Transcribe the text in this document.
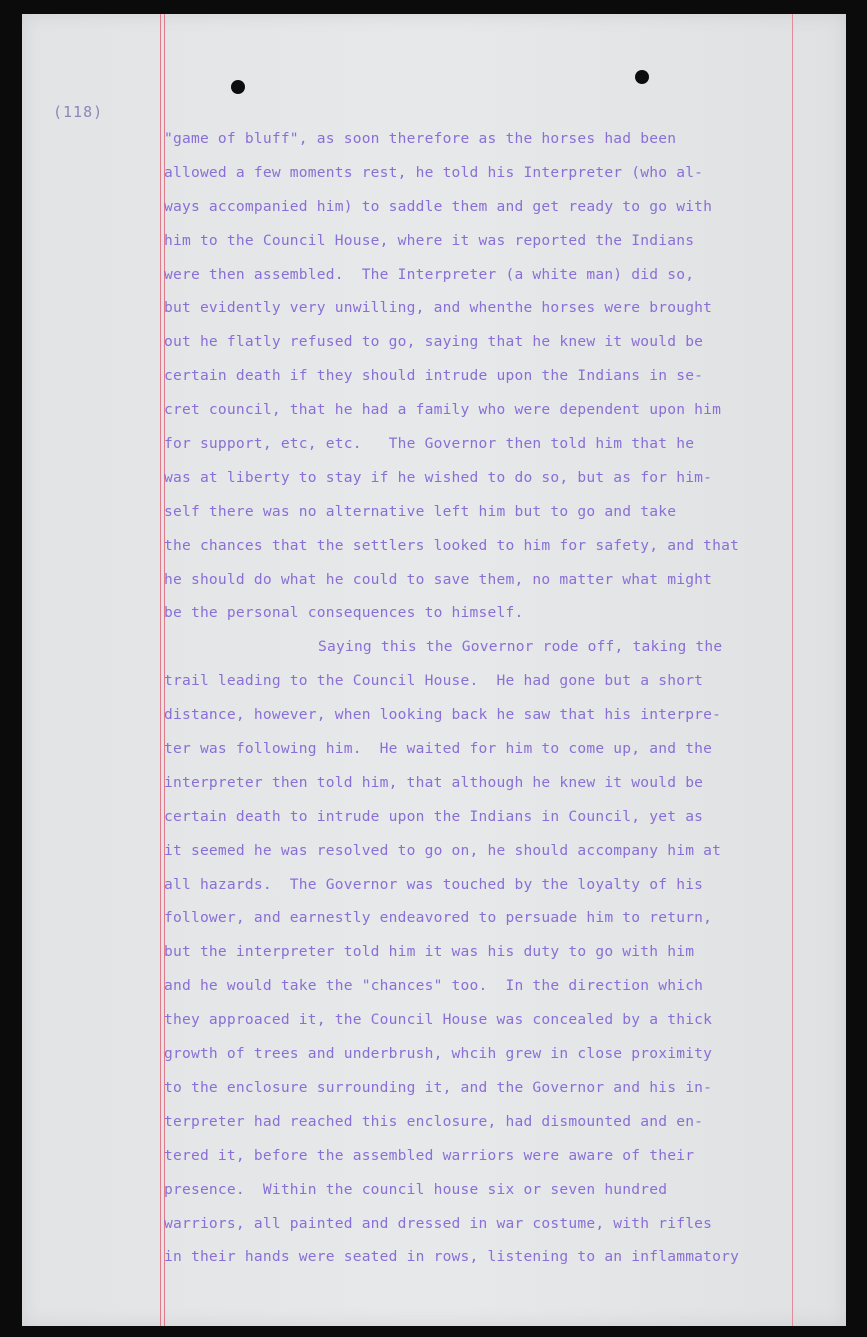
(118)
"game of bluff", as soon therefore as the horses had been
allowed a few moments rest, he told his Interpreter (who al-
ways accompanied him) to saddle them and get ready to go with
him to the Council House, where it was reported the Indians
were then assembled.  The Interpreter (a white man) did so,
but evidently very unwilling, and whenthe horses were brought
out he flatly refused to go, saying that he knew it would be
certain death if they should intrude upon the Indians in se-
cret council, that he had a family who were dependent upon him
for support, etc, etc.   The Governor then told him that he
was at liberty to stay if he wished to do so, but as for him-
self there was no alternative left him but to go and take
the chances that the settlers looked to him for safety, and that
he should do what he could to save them, no matter what might
be the personal consequences to himself.
Saying this the Governor rode off, taking the
trail leading to the Council House.  He had gone but a short
distance, however, when looking back he saw that his interpre-
ter was following him.  He waited for him to come up, and the
interpreter then told him, that although he knew it would be
certain death to intrude upon the Indians in Council, yet as
it seemed he was resolved to go on, he should accompany him at
all hazards.  The Governor was touched by the loyalty of his
follower, and earnestly endeavored to persuade him to return,
but the interpreter told him it was his duty to go with him
and he would take the "chances" too.  In the direction which
they approaced it, the Council House was concealed by a thick
growth of trees and underbrush, whcih grew in close proximity
to the enclosure surrounding it, and the Governor and his in-
terpreter had reached this enclosure, had dismounted and en-
tered it, before the assembled warriors were aware of their
presence.  Within the council house six or seven hundred
warriors, all painted and dressed in war costume, with rifles
in their hands were seated in rows, listening to an inflammatory
